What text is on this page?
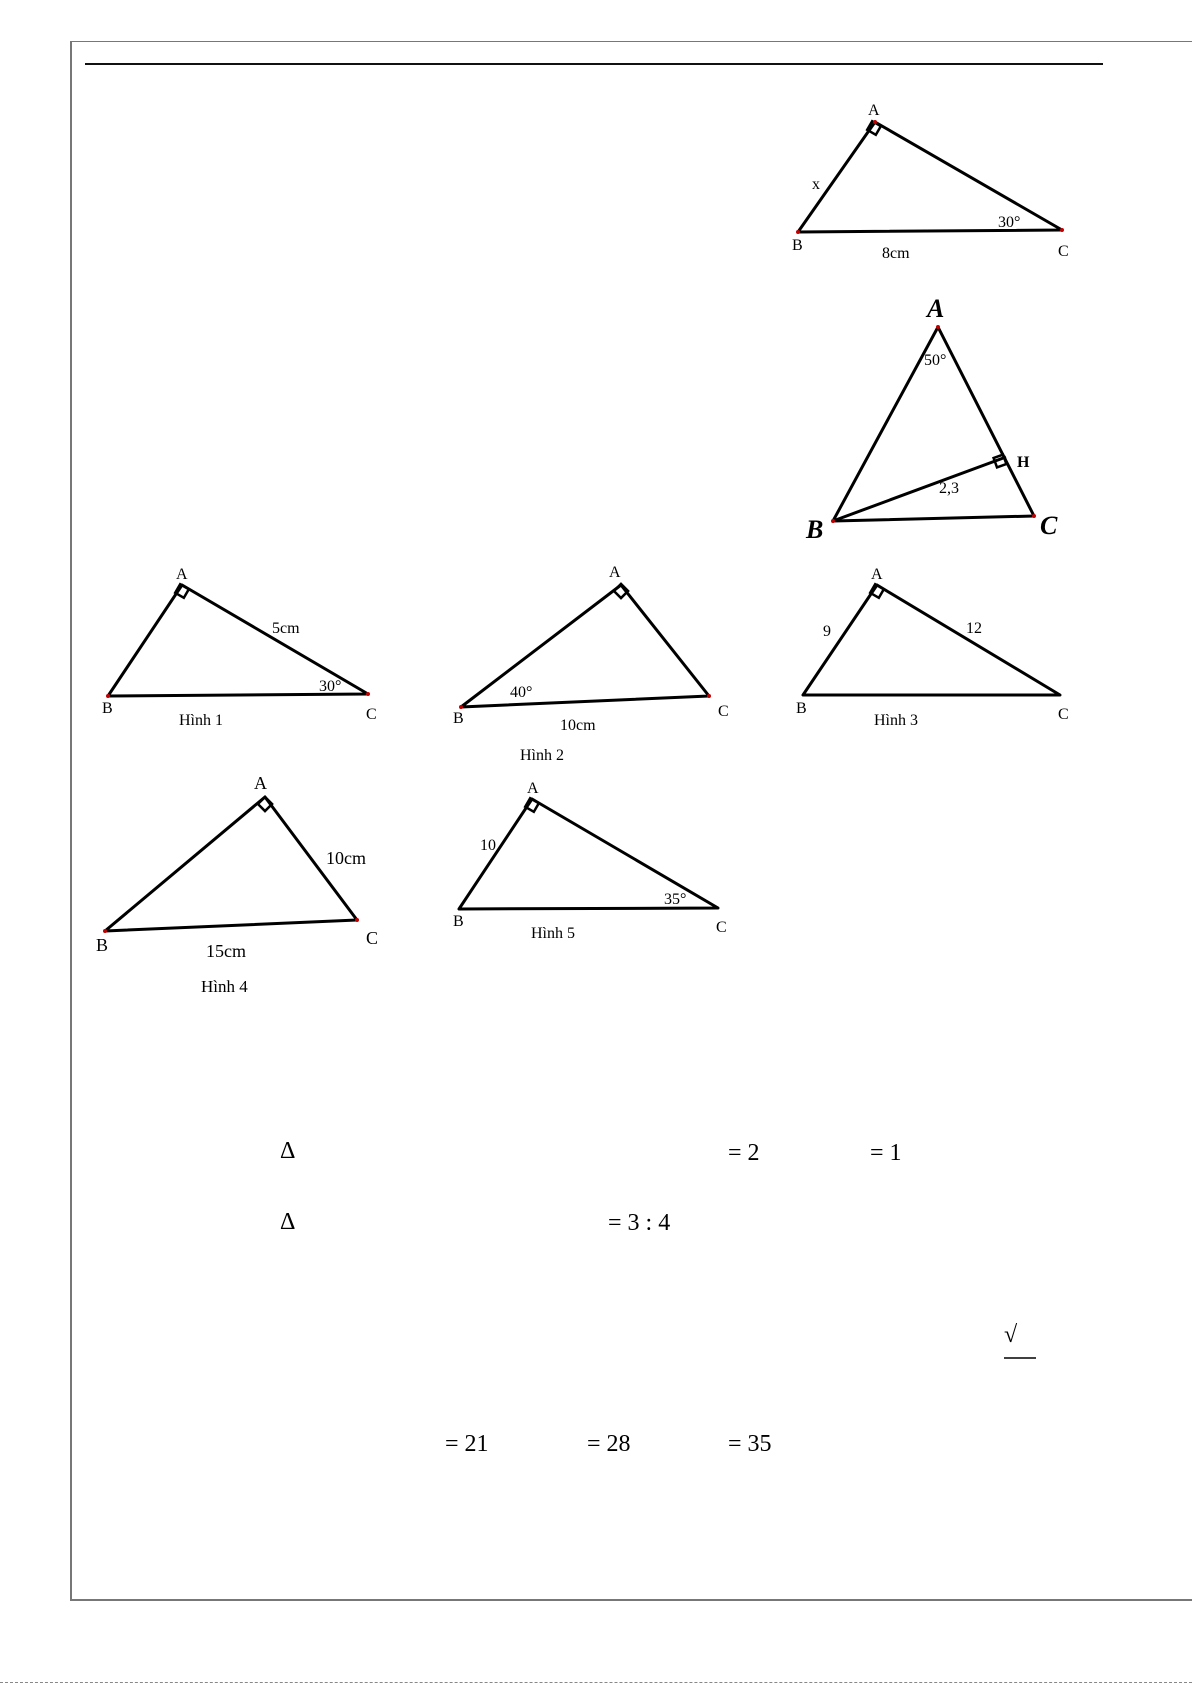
A
B	C
x
8cm
30°
A
B	C
H
50°
2,3
A
B	C
5cm
30°
Hình 1
A
B	C
40°
10cm
Hình 2
A
B	C
9	12
Hình 3
A
B	C
10cm
15cm
Hình 4
A
B	C
10
35°
Hình 5
Δ	= 2	= 1
Δ	= 3 : 4
√
= 21	= 28	= 35
